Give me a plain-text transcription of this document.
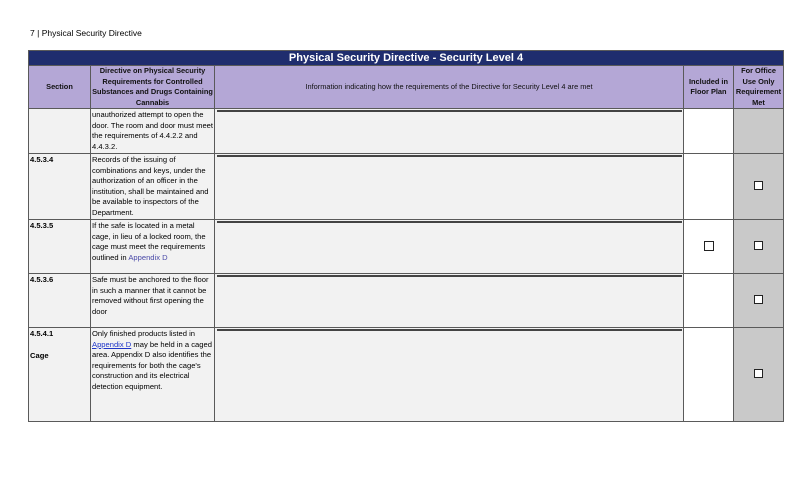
7 | Physical Security Directive
Physical Security Directive - Security Level 4				
Section	Directive on Physical Security Requirements for Controlled Substances and Drugs Containing Cannabis	Information indicating how the requirements of the Directive for Security Level 4 are met	Included in Floor Plan	For Office Use Only Requirement Met
	unauthorized attempt to open the door. The room and door must meet the requirements of 4.4.2.2 and 4.4.3.2.	

4.5.3.4	Records of the issuing of combinations and keys, under the authorization of an officer in the institution, shall be maintained and be available to inspectors of the Department.	

4.5.3.5	If the safe is located in a metal cage, in lieu of a locked room, the cage must meet the requirements outlined in Appendix D	

4.5.3.6	Safe must be anchored to the floor in such a manner that it cannot be removed without first opening the door	

4.5.4.1
Cage	Only finished products listed in Appendix D may be held in a caged area. Appendix D also identifies the requirements for both the cage's construction and its electrical detection equipment.	
